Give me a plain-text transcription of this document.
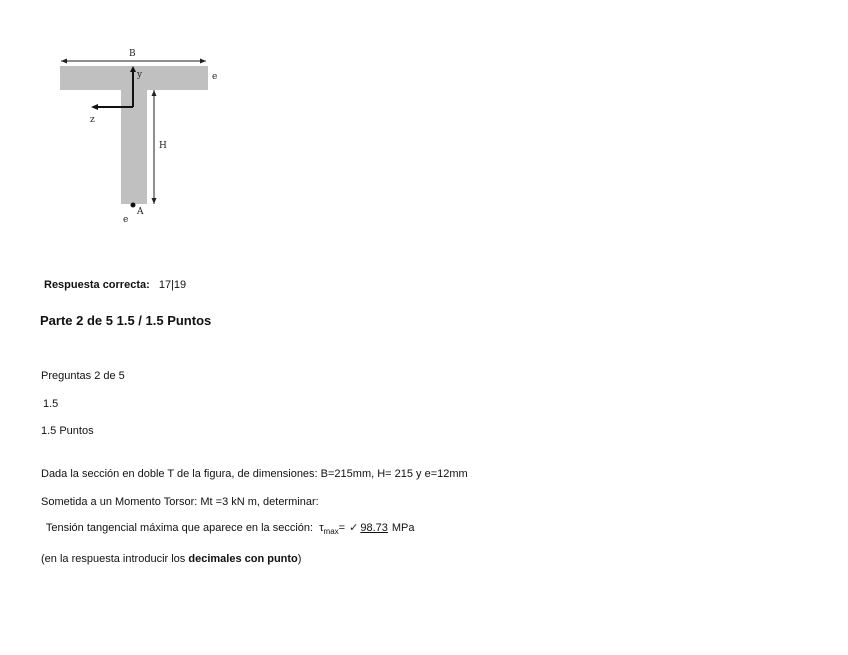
B
y
z
e
H
A
e
Respuesta correcta: 17|19
Parte 2 de 5 1.5 / 1.5 Puntos
Preguntas 2 de 5
1.5
1.5 Puntos
Dada la sección en doble T de la figura, de dimensiones: B=215mm, H= 215 y e=12mm
Sometida a un Momento Torsor: Mt =3 kN m, determinar:
Tensión tangencial máxima que aparece en la sección:  $\tau_{max}=$ ✓ 98.73 MPa
(en la respuesta introducir los decimales con punto)
